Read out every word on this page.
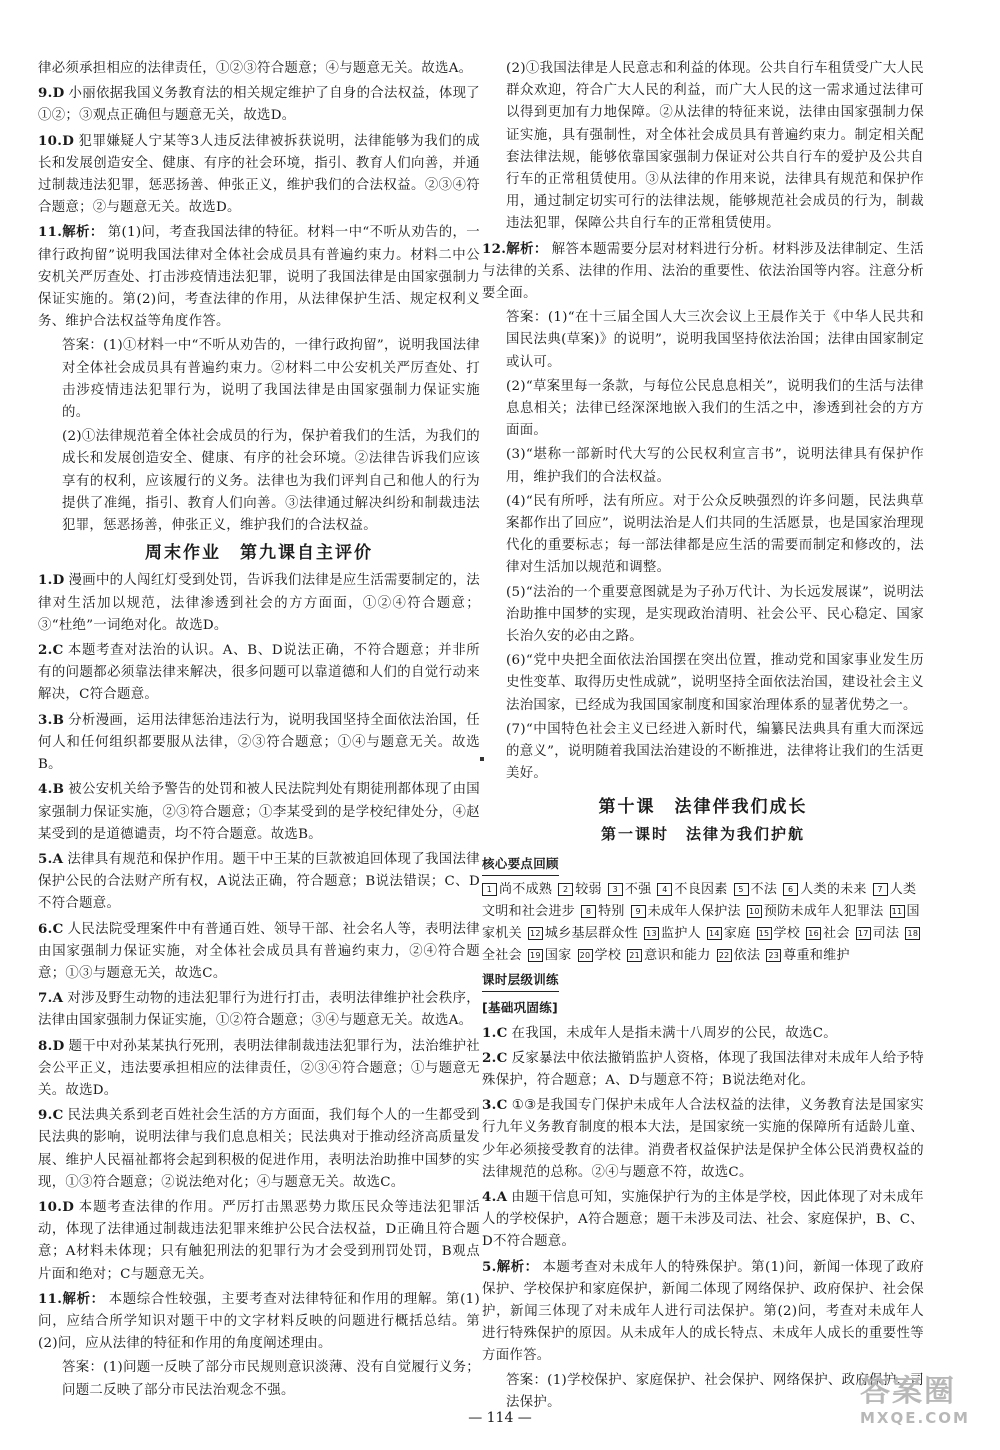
律必须承担相应的法律责任，①②③符合题意；④与题意无关。故选A。
9.D 小丽依据我国义务教育法的相关规定维护了自身的合法权益，体现了①②；③观点正确但与题意无关，故选D。
10.D 犯罪嫌疑人宁某等3人违反法律被拆获说明，法律能够为我们的成长和发展创造安全、健康、有序的社会环境，指引、教育人们向善，并通过制裁违法犯罪，惩恶扬善、伸张正义，维护我们的合法权益。②③④符合题意；②与题意无关。故选D。
11.解析： 第(1)问，考查我国法律的特征。材料一中“不听从劝告的，一律行政拘留”说明我国法律对全体社会成员具有普遍约束力。材料二中公安机关严厉查处、打击涉疫情违法犯罪，说明了我国法律是由国家强制力保证实施的。第(2)问，考查法律的作用，从法律保护生活、规定权利义务、维护合法权益等角度作答。
答案：(1)①材料一中“不听从劝告的，一律行政拘留”，说明我国法律对全体社会成员具有普遍约束力。②材料二中公安机关严厉查处、打击涉疫情违法犯罪行为，说明了我国法律是由国家强制力保证实施的。
(2)①法律规范着全体社会成员的行为，保护着我们的生活，为我们的成长和发展创造安全、健康、有序的社会环境。②法律告诉我们应该享有的权利，应该履行的义务。法律也为我们评判自己和他人的行为提供了准绳，指引、教育人们向善。③法律通过解决纠纷和制裁违法犯罪，惩恶扬善，伸张正义，维护我们的合法权益。
周末作业　第九课自主评价
1.D 漫画中的人闯红灯受到处罚，告诉我们法律是应生活需要制定的，法律对生活加以规范，法律渗透到社会的方方面面，①②④符合题意；③“杜绝”一词绝对化。故选D。
2.C 本题考查对法治的认识。A、B、D说法正确，不符合题意；并非所有的问题都必须靠法律来解决，很多问题可以靠道德和人们的自觉行动来解决，C符合题意。
3.B 分析漫画，运用法律惩治违法行为，说明我国坚持全面依法治国，任何人和任何组织都要服从法律，②③符合题意；①④与题意无关。故选B。
4.B 被公安机关给予警告的处罚和被人民法院判处有期徒刑都体现了由国家强制力保证实施，②③符合题意；①李某受到的是学校纪律处分，④赵某受到的是道德谴责，均不符合题意。故选B。
5.A 法律具有规范和保护作用。题干中王某的巨款被追回体现了我国法律保护公民的合法财产所有权，A说法正确，符合题意；B说法错误；C、D不符合题意。
6.C 人民法院受理案件中有普通百姓、领导干部、社会名人等，表明法律由国家强制力保证实施，对全体社会成员具有普遍约束力，②④符合题意；①③与题意无关，故选C。
7.A 对涉及野生动物的违法犯罪行为进行打击，表明法律维护社会秩序，法律由国家强制力保证实施，①②符合题意；③④与题意无关。故选A。
8.D 题干中对孙某某执行死刑，表明法律制裁违法犯罪行为，法治维护社会公平正义，违法要承担相应的法律责任，②③④符合题意；①与题意无关。故选D。
9.C 民法典关系到老百姓社会生活的方方面面，我们每个人的一生都受到民法典的影响，说明法律与我们息息相关；民法典对于推动经济高质量发展、维护人民福祉都将会起到积极的促进作用，表明法治助推中国梦的实现，①③符合题意；②说法绝对化；④与题意无关。故选C。
10.D 本题考查法律的作用。严厉打击黑恶势力欺压民众等违法犯罪活动，体现了法律通过制裁违法犯罪来维护公民合法权益，D正确且符合题意；A材料未体现；只有触犯刑法的犯罪行为才会受到刑罚处罚，B观点片面和绝对；C与题意无关。
11.解析： 本题综合性较强，主要考查对法律特征和作用的理解。第(1)问，应结合所学知识对题干中的文字材料反映的问题进行概括总结。第(2)问，应从法律的特征和作用的角度阐述理由。
答案：(1)问题一反映了部分市民规则意识淡薄、没有自觉履行义务；问题二反映了部分市民法治观念不强。
(2)①我国法律是人民意志和利益的体现。公共自行车租赁受广大人民群众欢迎，符合广大人民的利益，而广大人民的这一需求通过法律可以得到更加有力地保障。②从法律的特征来说，法律由国家强制力保证实施，具有强制性，对全体社会成员具有普遍约束力。制定相关配套法律法规，能够依靠国家强制力保证对公共自行车的爱护及公共自行车的正常租赁使用。③从法律的作用来说，法律具有规范和保护作用，通过制定切实可行的法律法规，能够规范社会成员的行为，制裁违法犯罪，保障公共自行车的正常租赁使用。
12.解析： 解答本题需要分层对材料进行分析。材料涉及法律制定、生活与法律的关系、法律的作用、法治的重要性、依法治国等内容。注意分析要全面。
答案：(1)“在十三届全国人大三次会议上王晨作关于《中华人民共和国民法典(草案)》的说明”，说明我国坚持依法治国；法律由国家制定或认可。
(2)“草案里每一条款，与每位公民息息相关”，说明我们的生活与法律息息相关；法律已经深深地嵌入我们的生活之中，渗透到社会的方方面面。
(3)“堪称一部新时代大写的公民权利宣言书”，说明法律具有保护作用，维护我们的合法权益。
(4)“民有所呼，法有所应。对于公众反映强烈的许多问题，民法典草案都作出了回应”，说明法治是人们共同的生活愿景，也是国家治理现代化的重要标志；每一部法律都是应生活的需要而制定和修改的，法律对生活加以规范和调整。
(5)“法治的一个重要意图就是为子孙万代计、为长远发展谋”，说明法治助推中国梦的实现，是实现政治清明、社会公平、民心稳定、国家长治久安的必由之路。
(6)“党中央把全面依法治国摆在突出位置，推动党和国家事业发生历史性变革、取得历史性成就”，说明坚持全面依法治国，建设社会主义法治国家，已经成为我国国家制度和国家治理体系的显著优势之一。
(7)“中国特色社会主义已经进入新时代，编纂民法典具有重大而深远的意义”，说明随着我国法治建设的不断推进，法律将让我们的生活更美好。
第十课　法律伴我们成长
第一课时　法律为我们护航
核心要点回顾
1 尚不成熟 2 较弱 3 不强 4 不良因素 5 不法 6 人类的未来 7 人类文明和社会进步 8 特别 9 未成年人保护法 10 预防未成年人犯罪法 11 国家机关 12 城乡基层群众性 13 监护人 14 家庭 15 学校 16 社会 17 司法 18全社会 19 国家 20 学校 21 意识和能力 22 依法 23 尊重和维护
课时层级训练
[基础巩固练]
1.C 在我国，未成年人是指未满十八周岁的公民，故选C。
2.C 反家暴法中依法撤销监护人资格，体现了我国法律对未成年人给予特殊保护，符合题意；A、D与题意不符；B说法绝对化。
3.C ①③是我国专门保护未成年人合法权益的法律，义务教育法是国家实行九年义务教育制度的根本大法，是国家统一实施的保障所有适龄儿童、少年必须接受教育的法律。消费者权益保护法是保护全体公民消费权益的法律规范的总称。②④与题意不符，故选C。
4.A 由题干信息可知，实施保护行为的主体是学校，因此体现了对未成年人的学校保护，A符合题意；题干未涉及司法、社会、家庭保护，B、C、D不符合题意。
5.解析： 本题考查对未成年人的特殊保护。第(1)问，新闻一体现了政府保护、学校保护和家庭保护，新闻二体现了网络保护、政府保护、社会保护，新闻三体现了对未成年人进行司法保护。第(2)问，考查对未成年人进行特殊保护的原因。从未成年人的成长特点、未成年人成长的重要性等方面作答。
答案：(1)学校保护、家庭保护、社会保护、网络保护、政府保护、司法保护。
— 114 —
答案圈
MXQE.COM
